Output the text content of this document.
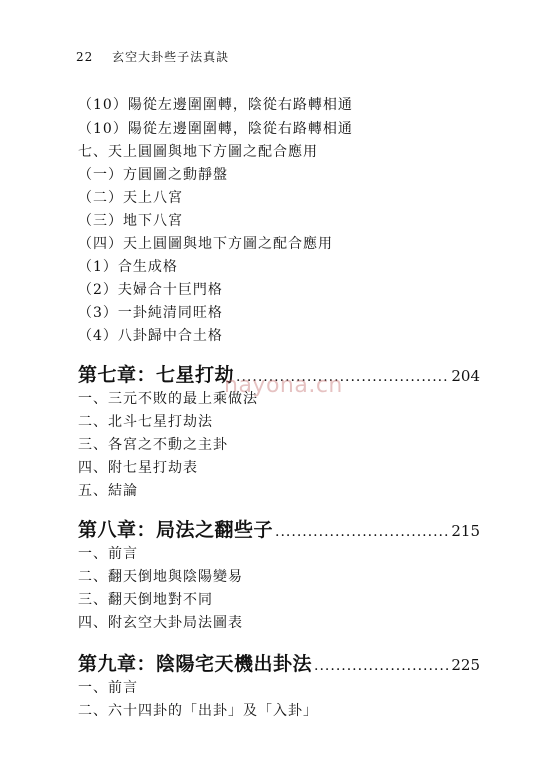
22 玄空大卦些子法真訣
（10）陽從左邊圍圍轉，陰從右路轉相通
（10）陽從左邊圍圍轉，陰從右路轉相通
七、天上圓圖與地下方圖之配合應用
（一）方圓圖之動靜盤
（二）天上八宮
（三）地下八宮
（四）天上圓圖與地下方圖之配合應用
（1）合生成格
（2）夫婦合十巨門格
（3）一卦純清同旺格
（4）八卦歸中合土格
第七章：七星打劫 .....	204
nayona.cn
一、三元不敗的最上乘做法
二、北斗七星打劫法
三、各宮之不動之主卦
四、附七星打劫表
五、結論
第八章：局法之翻些子 .....	215
一、前言
二、翻天倒地與陰陽變易
三、翻天倒地對不同
四、附玄空大卦局法圖表
第九章：陰陽宅天機出卦法 .....	225
一、前言
二、六十四卦的「出卦」及「入卦」
